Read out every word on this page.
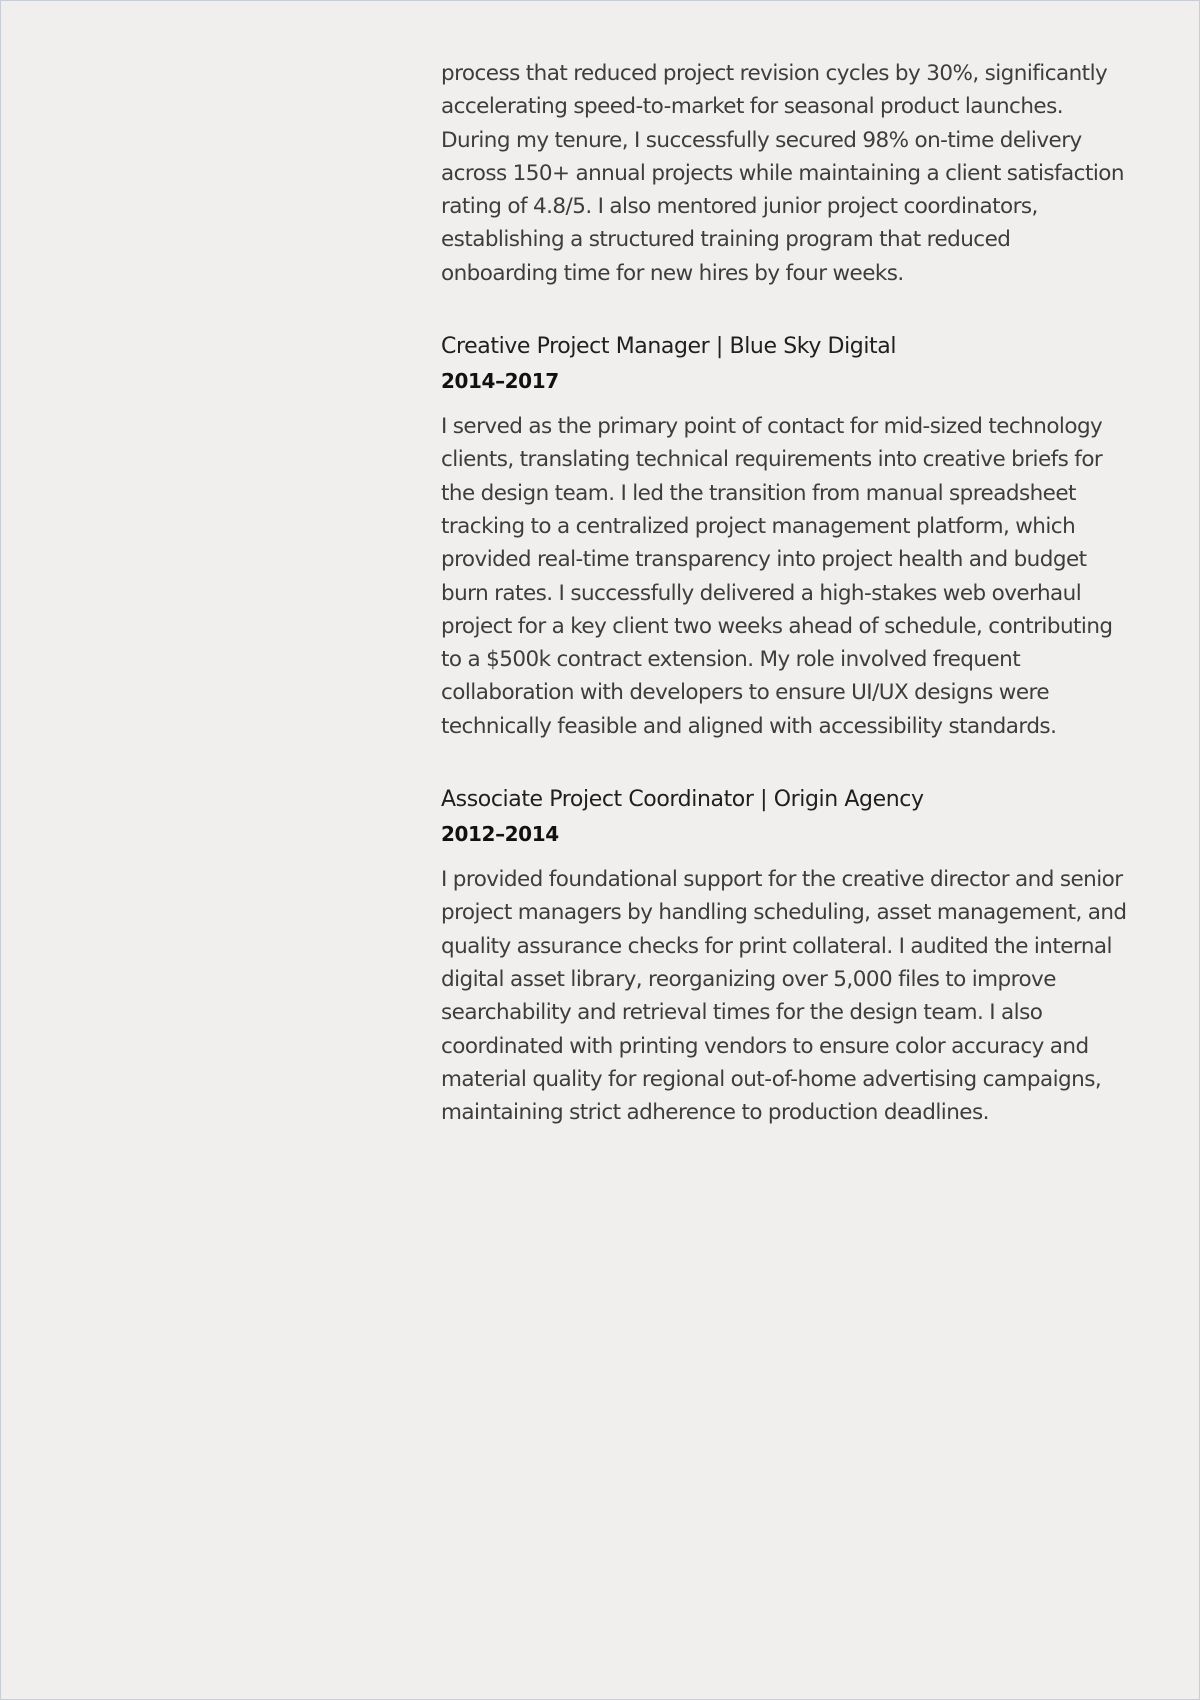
process that reduced project revision cycles by 30%, significantly accelerating speed-to-market for seasonal product launches. During my tenure, I successfully secured 98% on-time delivery across 150+ annual projects while maintaining a client satisfaction rating of 4.8/5. I also mentored junior project coordinators, establishing a structured training program that reduced onboarding time for new hires by four weeks.

Creative Project Manager | Blue Sky Digital
2014–2017

I served as the primary point of contact for mid-sized technology clients, translating technical requirements into creative briefs for the design team. I led the transition from manual spreadsheet tracking to a centralized project management platform, which provided real-time transparency into project health and budget burn rates. I successfully delivered a high-stakes web overhaul project for a key client two weeks ahead of schedule, contributing to a $500k contract extension. My role involved frequent collaboration with developers to ensure UI/UX designs were technically feasible and aligned with accessibility standards.

Associate Project Coordinator | Origin Agency
2012–2014

I provided foundational support for the creative director and senior project managers by handling scheduling, asset management, and quality assurance checks for print collateral. I audited the internal digital asset library, reorganizing over 5,000 files to improve searchability and retrieval times for the design team. I also coordinated with printing vendors to ensure color accuracy and material quality for regional out-of-home advertising campaigns, maintaining strict adherence to production deadlines.
